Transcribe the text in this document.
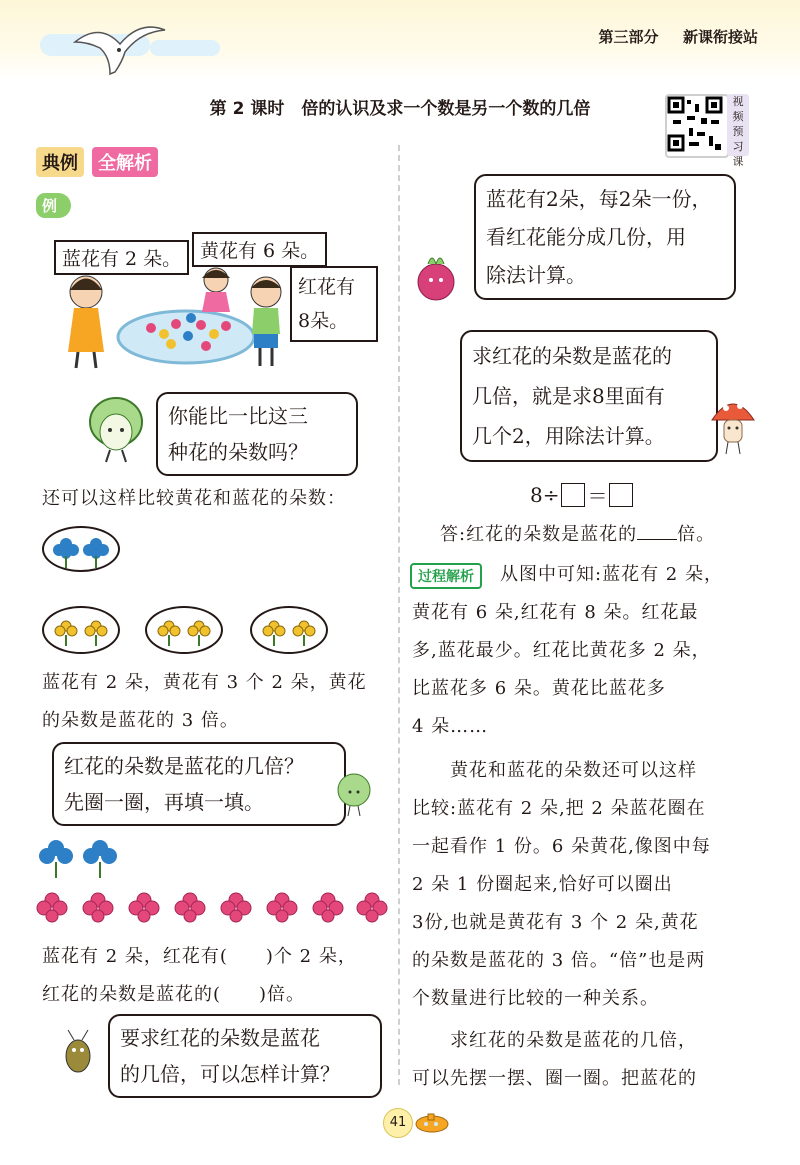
第三部分 新课衔接站
第 2 课时　倍的认识及求一个数是另一个数的几倍	视
频
预
习
课
典例	全解析
例
蓝花有 2 朵。 黄花有 6 朵。
红花有
8朵。
你能比一比这三
种花的朵数吗？
还可以这样比较黄花和蓝花的朵数：
蓝花有 2 朵，黄花有 3 个 2 朵，黄花
的朵数是蓝花的 3 倍。
红花的朵数是蓝花的几倍？
先圈一圈，再填一填。
蓝花有 2 朵，红花有(　　)个 2 朵，
红花的朵数是蓝花的(　　)倍。
要求红花的朵数是蓝花
的几倍，可以怎样计算？
蓝花有2朵，每2朵一份，
看红花能分成几份，用
除法计算。
求红花的朵数是蓝花的
几倍，就是求8里面有
几个2，用除法计算。
8÷ ＝
答:红花的朵数是蓝花的 倍。
过程解析	从图中可知:蓝花有 2 朵，
黄花有 6 朵,红花有 8 朵。红花最
多,蓝花最少。红花比黄花多 2 朵，
比蓝花多 6 朵。黄花比蓝花多
4 朵……
　　黄花和蓝花的朵数还可以这样
比较:蓝花有 2 朵,把 2 朵蓝花圈在
一起看作 1 份。6 朵黄花,像图中每
2 朵 1 份圈起来,恰好可以圈出
3份,也就是黄花有 3 个 2 朵,黄花
的朵数是蓝花的 3 倍。“倍”也是两
个数量进行比较的一种关系。
　　求红花的朵数是蓝花的几倍，
可以先摆一摆、圈一圈。把蓝花的
41
